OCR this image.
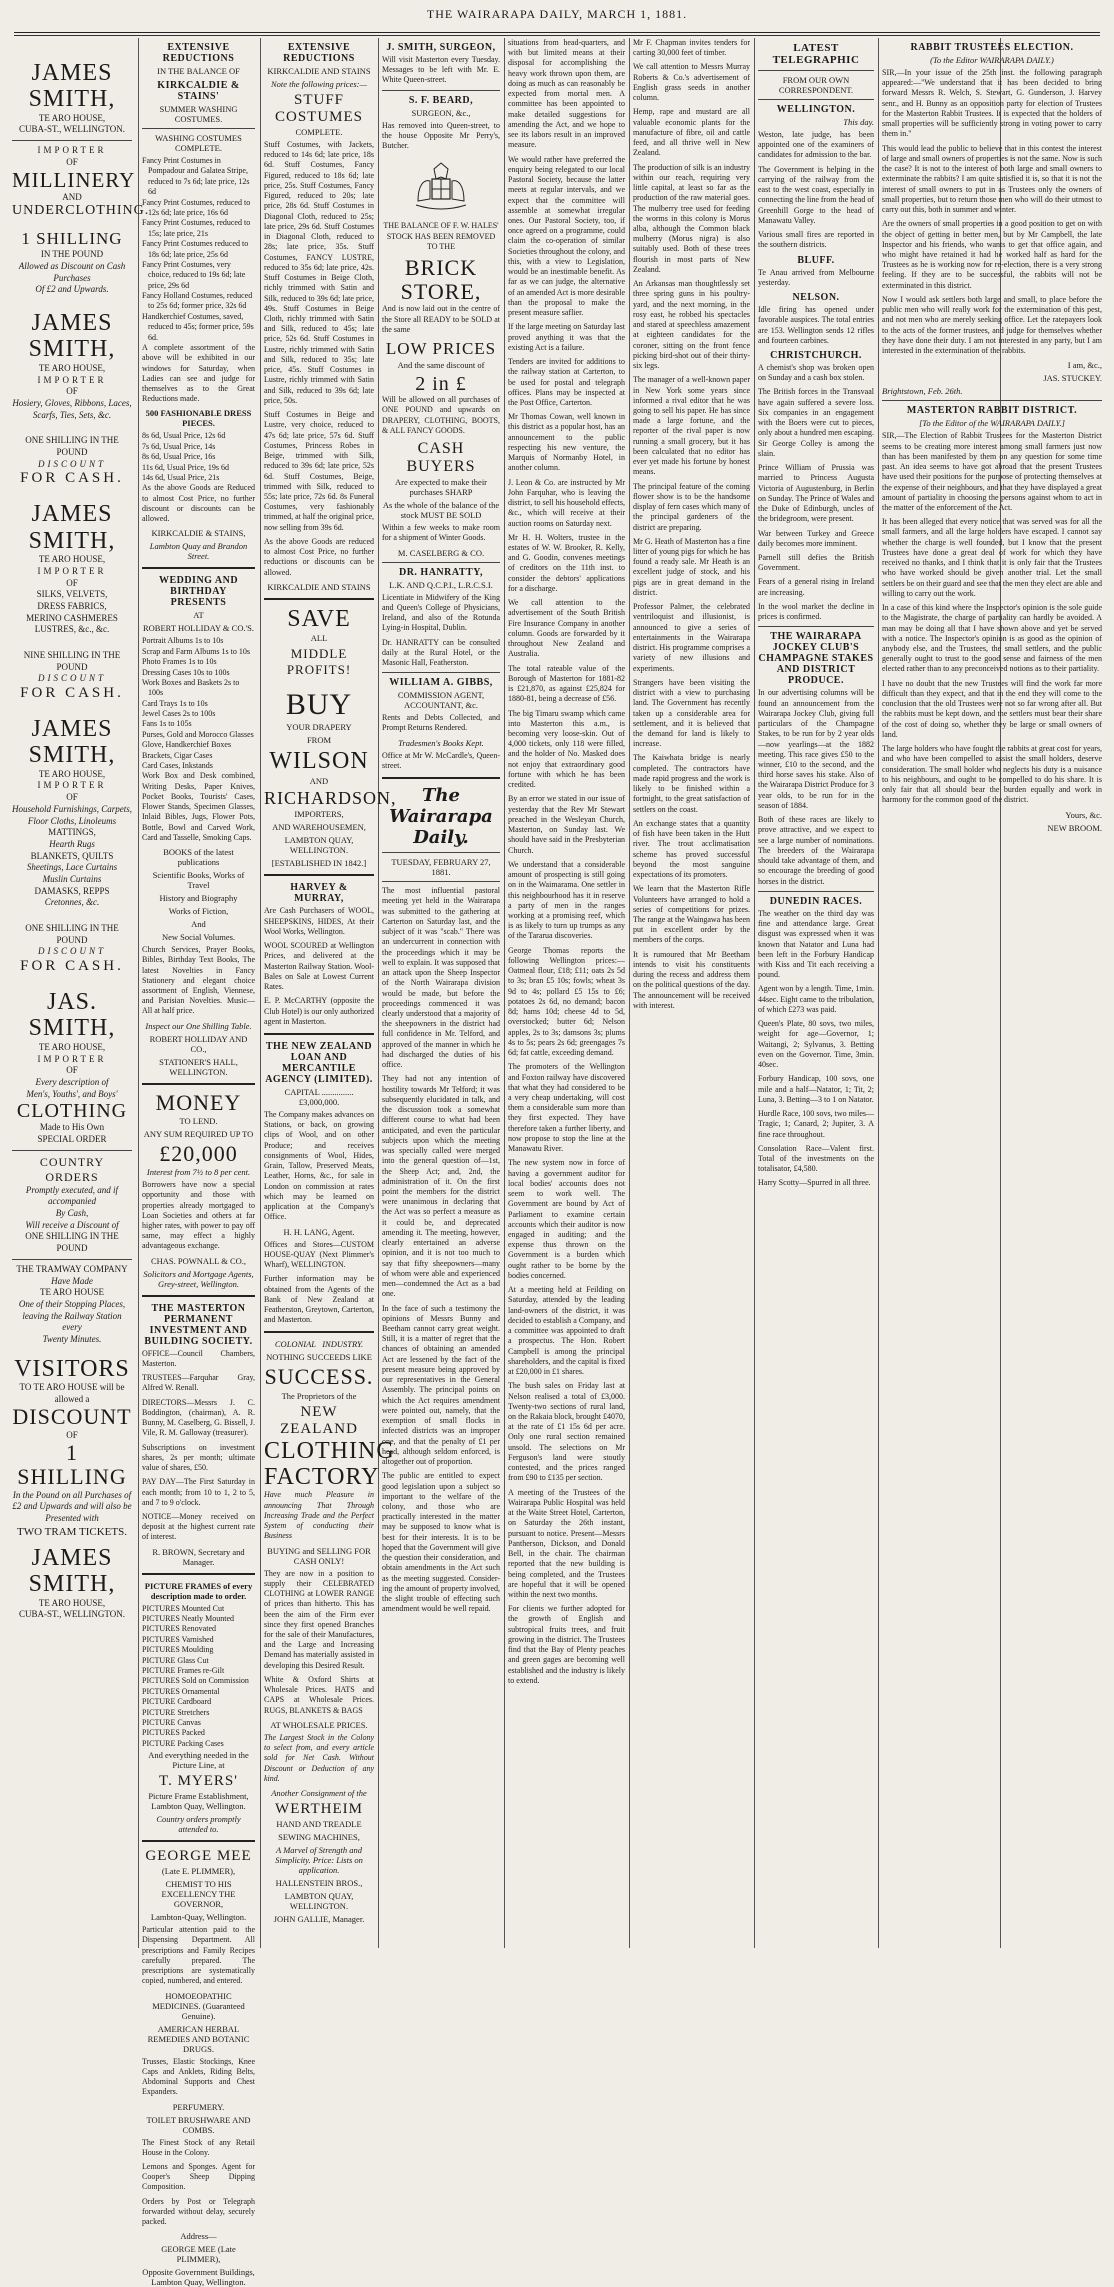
THE WAIRARAPA DAILY, MARCH 1, 1881.
JAMES SMITH,
TE ARO HOUSE,
CUBA-ST., WELLINGTON.
IMPORTER
OF
MILLINERY
AND
UNDERCLOTHING.
1 SHILLING
IN THE POUND
Allowed as Discount on Cash Purchases
Of £2 and Upwards.
JAMES SMITH,
TE ARO HOUSE,
IMPORTER
OF
Hosiery, Gloves, Ribbons, Laces, Scarfs, Ties, Sets, &c.
ONE SHILLING IN THE POUND
DISCOUNT
FOR CASH.
JAMES SMITH,
TE ARO HOUSE,
IMPORTER
OF
SILKS, VELVETS,
DRESS FABRICS,
MERINO CASHMERES
LUSTRES, &c., &c.
NINE SHILLING IN THE POUND
DISCOUNT
FOR CASH.
JAMES SMITH,
TE ARO HOUSE,
IMPORTER
OF
Household Furnishings, Carpets, Floor Cloths, Linoleums
MATTINGS,
Hearth Rugs
BLANKETS, QUILTS
Sheetings, Lace Curtains
Muslin Curtains
DAMASKS, REPPS
Cretonnes, &c.
ONE SHILLING IN THE POUND
DISCOUNT
FOR CASH.
JAS. SMITH,
TE ARO HOUSE,
IMPORTER
OF
Every description of
Men's, Youths', and Boys'
CLOTHING
Made to His Own
SPECIAL ORDER
COUNTRY ORDERS
Promptly executed, and if accompanied
By Cash,
Will receive a Discount of
ONE SHILLING IN THE POUND
THE TRAMWAY COMPANY
Have Made
TE ARO HOUSE
One of their Stopping Places, leaving the Railway Station every
Twenty Minutes.
VISITORS
TO TE ARO HOUSE will be allowed a
DISCOUNT
OF
1 SHILLING
In the Pound on all Purchases of £2 and Upwards and will also be Presented with
TWO TRAM TICKETS.
JAMES SMITH,
TE ARO HOUSE,
CUBA-ST., WELLINGTON.
EXTENSIVE REDUCTIONS
IN THE BALANCE OF
KIRKCALDIE & STAINS'
SUMMER WASHING COSTUMES.
WASHING COSTUMES COMPLETE.
Fancy Print Costumes in Pompadour and Galatea Stripe, reduced to 7s 6d; late price, 12s 6d
Fancy Print Costumes, reduced to 12s 6d; late price, 16s 6d
Fancy Print Costumes, reduced to 15s; late price, 21s
Fancy Print Costumes reduced to 18s 6d; late price, 25s 6d
Fancy Print Costumes, very choice, reduced to 19s 6d; late price, 29s 6d
Fancy Holland Costumes, reduced to 25s 6d; former price, 32s 6d
Handkerchief Costumes, saved, reduced to 45s; former price, 59s 6d.
A complete assortment of the above will be exhibited in our windows for Saturday, when Ladies can see and judge for themselves as to the Great Reductions made.
500 FASHIONABLE DRESS PIECES.
8s 6d, Usual Price, 12s 6d
7s 6d, Usual Price, 14s
8s 6d, Usual Price, 16s
11s 6d, Usual Price, 19s 6d
14s 6d, Usual Price, 21s
As the above Goods are Reduced to almost Cost Price, no further discount or discounts can be allowed.
KIRKCALDIE & STAINS,
Lambton Quay and Brandon Street.
WEDDING AND BIRTHDAY PRESENTS
AT
ROBERT HOLLIDAY & CO.'S.
Portrait Albums 1s to 10s
Scrap and Farm Albums 1s to 10s
Photo Frames 1s to 10s
Dressing Cases 10s to 100s
Work Boxes and Baskets 2s to 100s
Card Trays 1s to 10s
Jewel Cases 2s to 100s
Fans 1s to 105s
Purses, Gold and Morocco Glasses
Glove, Handkerchief Boxes
Brackets, Cigar Cases
Card Cases, Inkstands
Work Box and Desk combined, Writing Desks, Paper Knives, Pocket Books, Tourists' Cases, Flower Stands, Specimen Glasses, Inlaid Bibles, Jugs, Flower Pots, Bottle, Bowl and Carved Work, Card and Tasselle, Smoking Caps.
BOOKS of the latest publications
Scientific Books, Works of Travel
History and Biography
Works of Fiction,
And
New Social Volumes.
Church Services, Prayer Books, Bibles, Birthday Text Books, The latest Novelties in Fancy Stationery and elegant choice assortment of English, Viennese, and Parisian Novelties. Music—All at half price.
Inspect our One Shilling Table.
ROBERT HOLLIDAY AND CO.,
STATIONER'S HALL, WELLINGTON.
MONEY
TO LEND.
ANY SUM REQUIRED UP TO
£20,000
Interest from 7½ to 8 per cent.
Borrowers have now a special opportunity and those with properties already mortgaged to Loan Societies and others at far higher rates, with power to pay off same, may effect a highly advantageous exchange.
CHAS. POWNALL & CO.,
Solicitors and Mortgage Agents, Grey-street, Wellington.
THE MASTERTON PERMANENT INVESTMENT AND BUILDING SOCIETY.
OFFICE—Council Chambers, Masterton.
TRUSTEES—Farquhar Gray, Alfred W. Renall.
DIRECTORS—Messrs J. C. Boddington, (chairman), A. R. Bunny, M. Caselberg, G. Bissell, J. Vile, R. M. Galloway (treasurer).
Subscriptions on investment shares, 2s per month; ultimate value of shares, £50.
PAY DAY—The First Saturday in each month; from 10 to 1, 2 to 5, and 7 to 9 o'clock.
NOTICE—Money received on deposit at the highest current rate of interest.
R. BROWN, Secretary and Manager.
PICTURE FRAMES of every description made to order.
PICTURES Mounted Cut
PICTURES Neatly Mounted
PICTURES Renovated
PICTURES Varnished
PICTURES Moulding
PICTURE Glass Cut
PICTURE Frames re-Gilt
PICTURES Sold on Commission
PICTURES Ornamental
PICTURE Cardboard
PICTURE Stretchers
PICTURE Canvas
PICTURES Packed
PICTURE Packing Cases
And everything needed in the Picture Line, at
T. MYERS'
Picture Frame Establishment, Lambton Quay, Wellington.
Country orders promptly attended to.
GEORGE MEE
(Late E. PLIMMER),
CHEMIST TO HIS EXCELLENCY THE GOVERNOR,
Lambton-Quay, Wellington.
Particular attention paid to the Dispensing Department. All prescriptions and Family Recipes carefully prepared. The prescriptions are systematically copied, numbered, and entered.
HOMOEOPATHIC MEDICINES. (Guaranteed Genuine).
AMERICAN HERBAL REMEDIES AND BOTANIC DRUGS.
Trusses, Elastic Stockings, Knee Caps and Anklets, Riding Belts, Abdominal Supports and Chest Expanders.
PERFUMERY.
TOILET BRUSHWARE AND COMBS.
The Finest Stock of any Retail House in the Colony.
Lemons and Sponges. Agent for Cooper's Sheep Dipping Composition.
Orders by Post or Telegraph forwarded without delay, securely packed.
Address—
GEORGE MEE (Late PLIMMER),
Opposite Government Buildings, Lambton Quay, Wellington.
EXTENSIVE REDUCTIONS
KIRKCALDIE AND STAINS
Note the following prices:—
STUFF COSTUMES
COMPLETE.
Stuff Costumes, with Jackets, reduced to 14s 6d; late price, 18s 6d. Stuff Costumes, Fancy Figured, reduced to 18s 6d; late price, 25s. Stuff Costumes, Fancy Figured, reduced to 20s; late price, 28s 6d. Stuff Costumes in Diagonal Cloth, reduced to 25s; late price, 29s 6d. Stuff Costumes in Diagonal Cloth, reduced to 28s; late price, 35s. Stuff Costumes, FANCY LUSTRE, reduced to 35s 6d; late price, 42s. Stuff Costumes in Beige Cloth, richly trimmed with Satin and Silk, reduced to 39s 6d; late price, 49s. Stuff Costumes in Beige Cloth, richly trimmed with Satin and Silk, reduced to 45s; late price, 52s 6d. Stuff Costumes in Lustre, richly trimmed with Satin and Silk, reduced to 35s; late price, 45s. Stuff Costumes in Lustre, richly trimmed with Satin and Silk, reduced to 39s 6d; late price, 50s.
Stuff Costumes in Beige and Lustre, very choice, reduced to 47s 6d; late price, 57s 6d. Stuff Costumes, Princess Robes in Beige, trimmed with Silk, reduced to 39s 6d; late price, 52s 6d. Stuff Costumes, Beige, trimmed with Silk, reduced to 55s; late price, 72s 6d. 8s Funeral Costumes, very fashionably trimmed, at half the original price, now selling from 39s 6d.
As the above Goods are reduced to almost Cost Price, no further reductions or discounts can be allowed.
KIRKCALDIE AND STAINS
SAVE
ALL
MIDDLE PROFITS!
BUY
YOUR DRAPERY
FROM
WILSON
AND
RICHARDSON,
IMPORTERS,
AND WAREHOUSEMEN,
LAMBTON QUAY, WELLINGTON.
[ESTABLISHED IN 1842.]
HARVEY & MURRAY,
Are Cash Purchasers of WOOL, SHEEPSKINS, HIDES, At their Wool Works, Wellington.
WOOL SCOURED at Wellington Prices, and delivered at the Masterton Railway Station. Wool-Bales on Sale at Lowest Current Rates.
E. P. McCARTHY (opposite the Club Hotel) is our only authorized agent in Masterton.
THE NEW ZEALAND LOAN AND MERCANTILE AGENCY (LIMITED).
CAPITAL ............... £3,000,000.
The Company makes advances on Stations, or back, on growing clips of Wool, and on other Produce; and receives consignments of Wool, Hides, Grain, Tallow, Preserved Meats, Leather, Horns, &c., for sale in London on commission at rates which may be learned on application at the Company's Office.
H. H. LANG, Agent.
Offices and Stores—CUSTOM HOUSE-QUAY (Next Plimmer's Wharf), WELLINGTON.
Further information may be obtained from the Agents of the Bank of New Zealand at Featherston, Greytown, Carterton, and Masterton.
COLONIAL INDUSTRY.
NOTHING SUCCEEDS LIKE
SUCCESS.
The Proprietors of the
NEW ZEALAND
CLOTHING
FACTORY
Have much Pleasure in announcing That Through Increasing Trade and the Perfect System of conducting their Business
BUYING and SELLING FOR CASH ONLY!
They are now in a position to supply their CELEBRATED CLOTHING at LOWER RANGE of prices than hitherto. This has been the aim of the Firm ever since they first opened Branches for the sale of their Manufactures, and the Large and Increasing Demand has materially assisted in developing this Desired Result.
White & Oxford Shirts at Wholesale Prices. HATS and CAPS at Wholesale Prices. RUGS, BLANKETS & BAGS
AT WHOLESALE PRICES.
The Largest Stock in the Colony to select from, and every article sold for Net Cash. Without Discount or Deduction of any kind.
Another Consignment of the
WERTHEIM
HAND AND TREADLE
SEWING MACHINES,
A Marvel of Strength and Simplicity. Price: Lists on application.
HALLENSTEIN BROS.,
LAMBTON QUAY, WELLINGTON.
JOHN GALLIE, Manager.
J. SMITH, SURGEON,
Will visit Masterton every Tuesday. Messages to be left with Mr. E. White Queen-street.
S. F. BEARD,
SURGEON, &c.,
Has removed into Queen-street, to the house Opposite Mr Perry's, Butcher.
THE BALANCE OF F. W. HALES' STOCK HAS BEEN REMOVED TO THE
BRICK STORE,
And is now laid out in the centre of the Store all READY to be SOLD at the same
LOW PRICES
And the same discount of
2 in £
Will be allowed on all purchases of ONE POUND and upwards on DRAPERY, CLOTHING, BOOTS, & ALL FANCY GOODS.
CASH BUYERS
Are expected to make their purchases SHARP
As the whole of the balance of the stock MUST BE SOLD
Within a few weeks to make room for a shipment of Winter Goods.
M. CASELBERG & CO.
DR. HANRATTY,
L.K. AND Q.C.P.I., L.R.C.S.I.
Licentiate in Midwifery of the King and Queen's College of Physicians, Ireland, and also of the Rotunda Lying-in Hospital, Dublin.
Dr. HANRATTY can be consulted daily at the Rural Hotel, or the Masonic Hall, Featherston.
WILLIAM A. GIBBS,
COMMISSION AGENT, ACCOUNTANT, &c.
Rents and Debts Collected, and Prompt Returns Rendered.
Tradesmen's Books Kept.
Office at Mr W. McCardle's, Queen-street.
The Wairarapa Daily.
TUESDAY, FEBRUARY 27, 1881.
The most influential pastoral meeting yet held in the Wairarapa was submitted to the gathering at Carterton on Saturday last, and the subject of it was "scab." There was an undercurrent in connection with the proceedings which it may be well to explain. It was supposed that an attack upon the Sheep Inspector of the North Wairarapa division would be made, but before the proceedings commenced it was clearly understood that a majority of the sheepowners in the district had full confidence in Mr. Telford, and approved of the manner in which he had discharged the duties of his office.
They had not any intention of hostility towards Mr Telford; it was subsequently elucidated in talk, and the discussion took a somewhat different course to what had been anticipated, and even the particular subjects upon which the meeting was specially called were merged into the general question of—1st, the Sheep Act; and, 2nd, the administration of it. On the first point the members for the district were unanimous in declaring that the Act was so perfect a measure as it could be, and deprecated amending it. The meeting, however, clearly entertained an adverse opinion, and it is not too much to say that fifty sheepowners—many of whom were able and experienced men—condemned the Act as a bad one.
In the face of such a testimony the opinions of Messrs Bunny and Beetham cannot carry great weight. Still, it is a matter of regret that the chances of obtaining an amended Act are lessened by the fact of the present measure being approved by our representatives in the General Assembly. The principal points on which the Act requires amendment were pointed out, namely, that the exemption of small flocks in infected districts was an improper one, and that the penalty of £1 per head, although seldom enforced, is altogether out of proportion.
The public are entitled to expect good legislation upon a subject so important to the welfare of the colony, and those who are practically interested in the matter may be supposed to know what is best for their interests. It is to be hoped that the Government will give the question their consideration, and obtain amendments in the Act such as the meeting suggested. Consider- ing the amount of property involved, the slight trouble of effecting such amendment would be well repaid.
situations from head-quarters, and with but limited means at their disposal for accomplishing the heavy work thrown upon them, are doing as much as can reasonably be expected from mortal men. A committee has been appointed to make detailed suggestions for amending the Act, and we hope to see its labors result in an improved measure.
We would rather have preferred the enquiry being relegated to our local Pastoral Society, because the latter meets at regular intervals, and we expect that the committee will assemble at somewhat irregular ones. Our Pastoral Society, too, if once agreed on a programme, could claim the co-operation of similar Societies throughout the colony, and this, with a view to Legislation, would be an inestimable benefit. As far as we can judge, the alternative of an amended Act is more desirable than the proposal to make the present measure saflier.
If the large meeting on Saturday last proved anything it was that the existing Act is a failure.
Tenders are invited for additions to the railway station at Carterton, to be used for postal and telegraph offices. Plans may be inspected at the Post Office, Carterton.
Mr Thomas Cowan, well known in this district as a popular host, has an announcement to the public respecting his new venture, the Marquis of Normanby Hotel, in another column.
J. Leon & Co. are instructed by Mr John Farquhar, who is leaving the district, to sell his household effects, &c., which will receive at their auction rooms on Saturday next.
Mr H. H. Wolters, trustee in the estates of W. W. Brooker, R. Kelly, and G. Goodin, convenes meetings of creditors on the 11th inst. to consider the debtors' applications for a discharge.
We call attention to the advertisement of the South British Fire Insurance Company in another column. Goods are forwarded by it throughout New Zealand and Australia.
The total rateable value of the Borough of Masterton for 1881-82 is £21,870, as against £25,824 for 1880-81, being a decrease of £56.
The big Timaru swamp which came into Masterton this a.m., is becoming very loose-skin. Out of 4,000 tickets, only 118 were filled, and the holder of No. Masked does not enjoy that extraordinary good fortune with which he has been credited.
By an error we stated in our issue of yesterday that the Rev Mr Stewart preached in the Wesleyan Church, Masterton, on Sunday last. We should have said in the Presbyterian Church.
We understand that a considerable amount of prospecting is still going on in the Waimarama. One settler in this neighbourhood has it in reserve a party of men in the ranges working at a promising reef, which is as likely to turn up trumps as any of the Tararua discoveries.
George Thomas reports the following Wellington prices:—Oatmeal flour, £18; £11; oats 2s 5d to 3s; bran £5 10s; fowls; wheat 3s 9d to 4s; pollard £5 15s to £6; potatoes 2s 6d, no demand; bacon 8d; hams 10d; cheese 4d to 5d, overstocked; butter 6d; Nelson apples, 2s to 3s; damsons 3s; plums 4s to 5s; pears 2s 6d; greengages 7s 6d; fat cattle, exceeding demand.
The promoters of the Wellington and Foxton railway have discovered that what they had considered to be a very cheap undertaking, will cost them a considerable sum more than they first expected. They have therefore taken a further liberty, and now propose to stop the line at the Manawatu River.
The new system now in force of having a government auditor for local bodies' accounts does not seem to work well. The Government are bound by Act of Parliament to examine certain accounts which their auditor is now engaged in auditing; and the expense thus thrown on the Government is a burden which ought rather to be borne by the bodies concerned.
At a meeting held at Feilding on Saturday, attended by the leading land-owners of the district, it was decided to establish a Company, and a committee was appointed to draft a prospectus. The Hon. Robert Campbell is among the principal shareholders, and the capital is fixed at £20,000 in £1 shares.
The bush sales on Friday last at Nelson realised a total of £3,000. Twenty-two sections of rural land, on the Rakaia block, brought £4070, at the rate of £1 15s 6d per acre. Only one rural section remained unsold. The selections on Mr Ferguson's land were stoutly contested, and the prices ranged from £90 to £135 per section.
A meeting of the Trustees of the Wairarapa Public Hospital was held at the Waite Street Hotel, Carterton, on Saturday the 26th instant, pursuant to notice. Present—Messrs Pantherson, Dickson, and Donald Bell, in the chair. The chairman reported that the new building is being completed, and the Trustees are hopeful that it will be opened within the next two months.
For clients we further adopted for the growth of English and subtropical fruits trees, and fruit growing in the district. The Trustees find that the Bay of Plenty peaches and green gages are becoming well established and the industry is likely to extend.
Mr F. Chapman invites tenders for carting 30,000 feet of timber.
We call attention to Messrs Murray Roberts & Co.'s advertisement of English grass seeds in another column.
Hemp, rape and mustard are all valuable economic plants for the manufacture of fibre, oil and cattle feed, and all thrive well in New Zealand.
The production of silk is an industry within our reach, requiring very little capital, at least so far as the production of the raw material goes. The mulberry tree used for feeding the worms in this colony is Morus alba, although the Common black mulberry (Morus nigra) is also suitably used. Both of these trees flourish in most parts of New Zealand.
An Arkansas man thoughtlessly set three spring guns in his poultry-yard, and the next morning, in the rosy east, he robbed his spectacles and stared at speechless amazement at eighteen candidates for the coroner, sitting on the front fence picking bird-shot out of their thirty-six legs.
The manager of a well-known paper in New York some years since informed a rival editor that he was going to sell his paper. He has since made a large fortune, and the reporter of the rival paper is now running a small grocery, but it has been calculated that no editor has ever yet made his fortune by honest means.
The principal feature of the coming flower show is to be the handsome display of fern cases which many of the principal gardeners of the district are preparing.
Mr G. Heath of Masterton has a fine litter of young pigs for which he has found a ready sale. Mr Heath is an excellent judge of stock, and his pigs are in great demand in the district.
Professor Palmer, the celebrated ventriloquist and illusionist, is announced to give a series of entertainments in the Wairarapa district. His programme comprises a variety of new illusions and experiments.
Strangers have been visiting the district with a view to purchasing land. The Government has recently taken up a considerable area for settlement, and it is believed that the demand for land is likely to increase.
The Kaiwhata bridge is nearly completed. The contractors have made rapid progress and the work is likely to be finished within a fortnight, to the great satisfaction of settlers on the coast.
An exchange states that a quantity of fish have been taken in the Hutt river. The trout acclimatisation scheme has proved successful beyond the most sanguine expectations of its promoters.
We learn that the Masterton Rifle Volunteers have arranged to hold a series of competitions for prizes. The range at the Waingawa has been put in excellent order by the members of the corps.
It is rumoured that Mr Beetham intends to visit his constituents during the recess and address them on the political questions of the day. The announcement will be received with interest.
LATEST TELEGRAPHIC
FROM OUR OWN CORRESPONDENT.
WELLINGTON.
This day.
Weston, late judge, has been appointed one of the examiners of candidates for admission to the bar.
The Government is helping in the carrying of the railway from the east to the west coast, especially in connecting the line from the head of Greenhill Gorge to the head of Manawatu Valley.
Various small fires are reported in the southern districts.
BLUFF.
Te Anau arrived from Melbourne yesterday.
NELSON.
Idle firing has opened under favorable auspices. The total entries are 153. Wellington sends 12 rifles and fourteen carbines.
CHRISTCHURCH.
A chemist's shop was broken open on Sunday and a cash box stolen.
The British forces in the Transvaal have again suffered a severe loss. Six companies in an engagement with the Boers were cut to pieces, only about a hundred men escaping. Sir George Colley is among the slain.
Prince William of Prussia was married to Princess Augusta Victoria of Augustenburg, in Berlin on Sunday. The Prince of Wales and the Duke of Edinburgh, uncles of the bridegroom, were present.
War between Turkey and Greece daily becomes more imminent.
Parnell still defies the British Government.
Fears of a general rising in Ireland are increasing.
In the wool market the decline in prices is confirmed.
THE WAIRARAPA JOCKEY CLUB'S CHAMPAGNE STAKES AND DISTRICT PRODUCE.
In our advertising columns will be found an announcement from the Wairarapa Jockey Club, giving full particulars of the Champagne Stakes, to be run for by 2 year olds—now yearlings—at the 1882 meeting. This race gives £50 to the winner, £10 to the second, and the third horse saves his stake. Also of the Wairarapa District Produce for 3 year olds, to be run for in the season of 1884.
Both of these races are likely to prove attractive, and we expect to see a large number of nominations. The breeders of the Wairarapa should take advantage of them, and so encourage the breeding of good horses in the district.
DUNEDIN RACES.
The weather on the third day was fine and attendance large. Great disgust was expressed when it was known that Natator and Luna had been left in the Forbury Handicap with Kiss and Tit each receiving a pound.
Agent won by a length. Time, 1min. 44sec. Eight came to the tribulation, of which £273 was paid.
Queen's Plate, 80 sovs, two miles, weight for age—Governor, 1; Waitangi, 2; Sylvanus, 3. Betting even on the Governor. Time, 3min. 40sec.
Forbury Handicap, 100 sovs, one mile and a half—Natator, 1; Tit, 2; Luna, 3. Betting—3 to 1 on Natator.
Hurdle Race, 100 sovs, two miles—Tragic, 1; Canard, 2; Jupiter, 3. A fine race throughout.
Consolation Race—Valent first. Total of the investments on the totalisator, £4,580.
Harry Scotty—Spurred in all three.
RABBIT TRUSTEES ELECTION.
(To the Editor WAIRARAPA DAILY.)
SIR,—In your issue of the 25th inst. the following paragraph appeared:—"We understand that it has been decided to bring forward Messrs R. Welch, S. Stewart, G. Gunderson, J. Harvey senr., and H. Bunny as an opposition party for election of Trustees for the Masterton Rabbit Trustees. It is expected that the holders of small properties will be sufficiently strong in voting power to carry them in."
This would lead the public to believe that in this contest the interest of large and small owners of properties is not the same. Now is such the case? It is not to the interest of both large and small owners to exterminate the rabbits? I am quite satisfied it is, so that it is not the interest of small owners to put in as Trustees only the owners of small properties, but to return those men who will do their utmost to carry out this, both in summer and winter.
Are the owners of small properties in a good position to get on with the object of getting in better men, but by Mr Campbell, the late Inspector and his friends, who wants to get that office again, and who might have retained it had he worked half as hard for the Trustees as he is working now for re-election, there is a very strong feeling. If they are to be successful, the rabbits will not be exterminated in this district.
Now I would ask settlers both large and small, to place before the public men who will really work for the extermination of this pest, and not men who are merely seeking office. Let the ratepayers look to the acts of the former trustees, and judge for themselves whether they have done their duty. I am not interested in any party, but I am interested in the extermination of the rabbits.
I am, &c.,
JAS. STUCKEY.
Brightstown, Feb. 26th.
MASTERTON RABBIT DISTRICT.
[To the Editor of the WAIRARAPA DAILY.]
SIR,—The Election of Rabbit Trustees for the Masterton District seems to be creating more interest among small farmers just now than has been manifested by them on any question for some time past. An idea seems to have got abroad that the present Trustees have used their positions for the purpose of protecting themselves at the expense of their neighbours, and that they have displayed a great amount of partiality in choosing the persons against whom to act in the matter of the enforcement of the Act.
It has been alleged that every notice that was served was for all the small farmers, and all the large holders have escaped. I cannot say whether the charge is well founded, but I know that the present Trustees have done a great deal of work for which they have received no thanks, and I think that it is only fair that the Trustees who have worked should be given another trial. Let the small settlers be on their guard and see that the men they elect are able and willing to carry out the work.
In a case of this kind where the Inspector's opinion is the sole guide to the Magistrate, the charge of partiality can hardly be avoided. A man may be doing all that I have shown above and yet be served with a notice. The Inspector's opinion is as good as the opinion of anybody else, and the Trustees, the small settlers, and the public generally ought to trust to the good sense and fairness of the men elected rather than to any preconceived notions as to their partiality.
I have no doubt that the new Trustees will find the work far more difficult than they expect, and that in the end they will come to the conclusion that the old Trustees were not so far wrong after all. But the rabbits must be kept down, and the settlers must bear their share of the cost of doing so, whether they be large or small owners of land.
The large holders who have fought the rabbits at great cost for years, and who have been compelled to assist the small holders, deserve consideration. The small holder who neglects his duty is a nuisance to his neighbours, and ought to be compelled to do his share. It is only fair that all should bear the burden equally and work in harmony for the common good of the district.
Yours, &c.
NEW BROOM.
